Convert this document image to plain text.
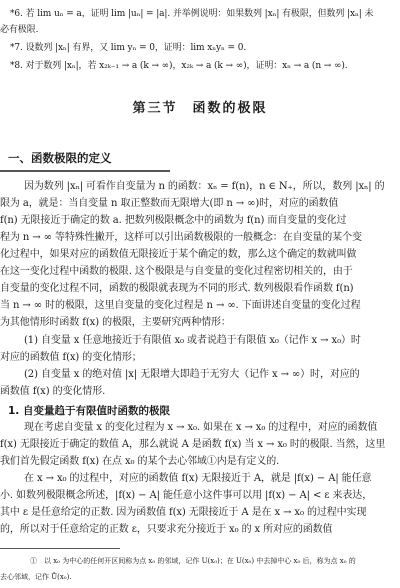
*6. 若 lim uₙ = a，证明 lim |uₙ| = |a|. 并举例说明：如果数列 |xₙ| 有极限，但数列 |xₙ| 未
必有极限.
*7. 设数列 |xₙ| 有界，又 lim yₙ = 0，证明：lim xₙyₙ = 0.
*8. 对于数列 |xₙ|，若 x₂ₖ₋₁ → a (k → ∞)，x₂ₖ → a (k → ∞)，证明：xₙ → a (n → ∞).
第三节　函数的极限
一、函数极限的定义
因为数列 |xₙ| 可看作自变量为 n 的函数：xₙ = f(n)，n ∈ N₊，所以，数列 |xₙ| 的
限为 a，就是：当自变量 n 取正整数而无限增大(即 n → ∞)时，对应的函数值
f(n) 无限接近于确定的数 a. 把数列极限概念中的函数为 f(n) 而自变量的变化过
程为 n → ∞ 等特殊性撇开，这样可以引出函数极限的一般概念：在自变量的某个变
化过程中，如果对应的函数值无限接近于某个确定的数，那么这个确定的数就叫做
在这一变化过程中函数的极限. 这个极限是与自变量的变化过程密切相关的，由于
自变量的变化过程不同，函数的极限就表现为不同的形式. 数列极限看作函数 f(n)
当 n → ∞ 时的极限，这里自变量的变化过程是 n → ∞. 下面讲述自变量的变化过程
为其他情形时函数 f(x) 的极限，主要研究两种情形：
(1) 自变量 x 任意地接近于有限值 x₀ 或者说趋于有限值 x₀（记作 x → x₀）时
对应的函数值 f(x) 的变化情形；
(2) 自变量 x 的绝对值 |x| 无限增大即趋于无穷大（记作 x → ∞）时，对应的
函数值 f(x) 的变化情形.
1. 自变量趋于有限值时函数的极限
现在考虑自变量 x 的变化过程为 x → x₀. 如果在 x → x₀ 的过程中，对应的函数值
f(x) 无限接近于确定的数值 A，那么就说 A 是函数 f(x) 当 x → x₀ 时的极限. 当然，这里
我们首先假定函数 f(x) 在点 x₀ 的某个去心邻域①内是有定义的.
在 x → x₀ 的过程中，对应的函数值 f(x) 无限接近于 A，就是 |f(x) − A| 能任意
小. 如数列极限概念所述，|f(x) − A| 能任意小这件事可以用 |f(x) − A| < ε 来表达，
其中 ε 是任意给定的正数. 因为函数值 f(x) 无限接近于 A 是在 x → x₀ 的过程中实现
的，所以对于任意给定的正数 ε，只要求充分接近于 x₀ 的 x 所对应的函数值
①　以 x₀ 为中心的任何开区间称为点 x₀ 的邻域，记作 U(x₀)；在 U(x₀) 中去掉中心 x₀ 后，称为点 x₀ 的
去心邻域，记作 Ů(x₀).
